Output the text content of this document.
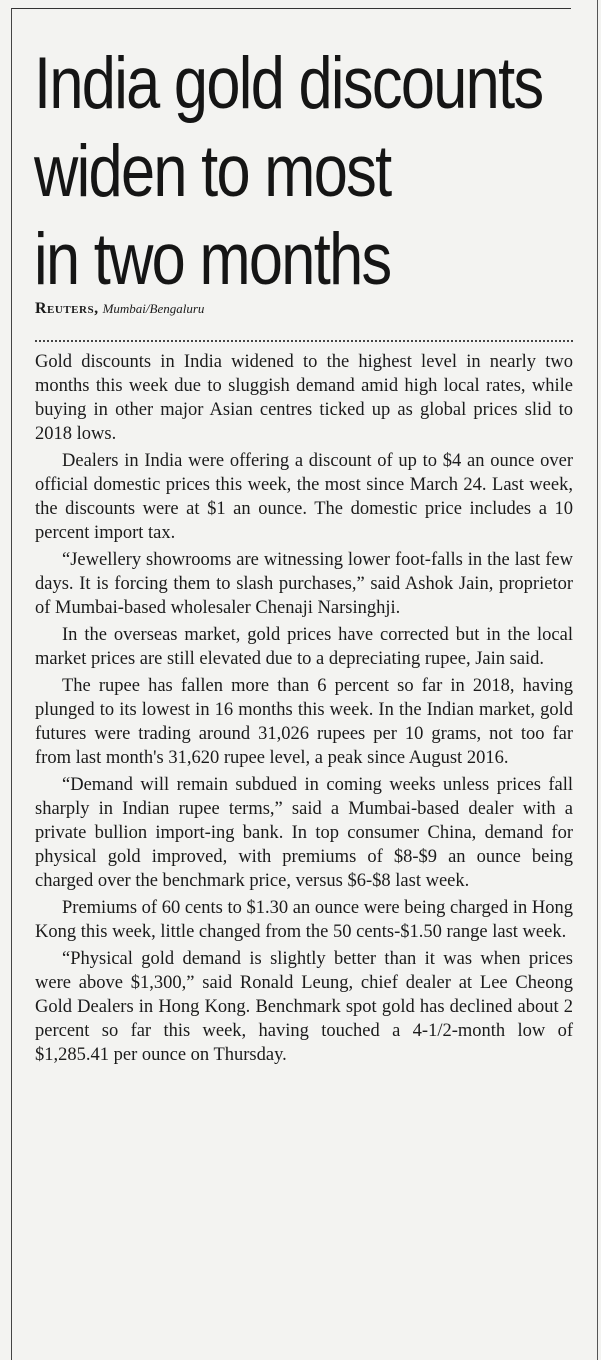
India gold discounts
widen to most
in two months
Reuters, Mumbai/Bengaluru

Gold discounts in India widened to the highest level in nearly two months this week due to sluggish demand amid high local rates, while buying in other major Asian centres ticked up as global prices slid to 2018 lows.

Dealers in India were offering a discount of up to $4 an ounce over official domestic prices this week, the most since March 24. Last week, the discounts were at $1 an ounce. The domestic price includes a 10 percent import tax.

“Jewellery showrooms are witnessing lower foot-falls in the last few days. It is forcing them to slash purchases,” said Ashok Jain, proprietor of Mumbai-based wholesaler Chenaji Narsinghji.

In the overseas market, gold prices have corrected but in the local market prices are still elevated due to a depreciating rupee, Jain said.

The rupee has fallen more than 6 percent so far in 2018, having plunged to its lowest in 16 months this week. In the Indian market, gold futures were trading around 31,026 rupees per 10 grams, not too far from last month's 31,620 rupee level, a peak since August 2016.

“Demand will remain subdued in coming weeks unless prices fall sharply in Indian rupee terms,” said a Mumbai-based dealer with a private bullion import-ing bank. In top consumer China, demand for physical gold improved, with premiums of $8-$9 an ounce being charged over the benchmark price, versus $6-$8 last week.

Premiums of 60 cents to $1.30 an ounce were being charged in Hong Kong this week, little changed from the 50 cents-$1.50 range last week.

“Physical gold demand is slightly better than it was when prices were above $1,300,” said Ronald Leung, chief dealer at Lee Cheong Gold Dealers in Hong Kong. Benchmark spot gold has declined about 2 percent so far this week, having touched a 4-1/2-month low of $1,285.41 per ounce on Thursday.
